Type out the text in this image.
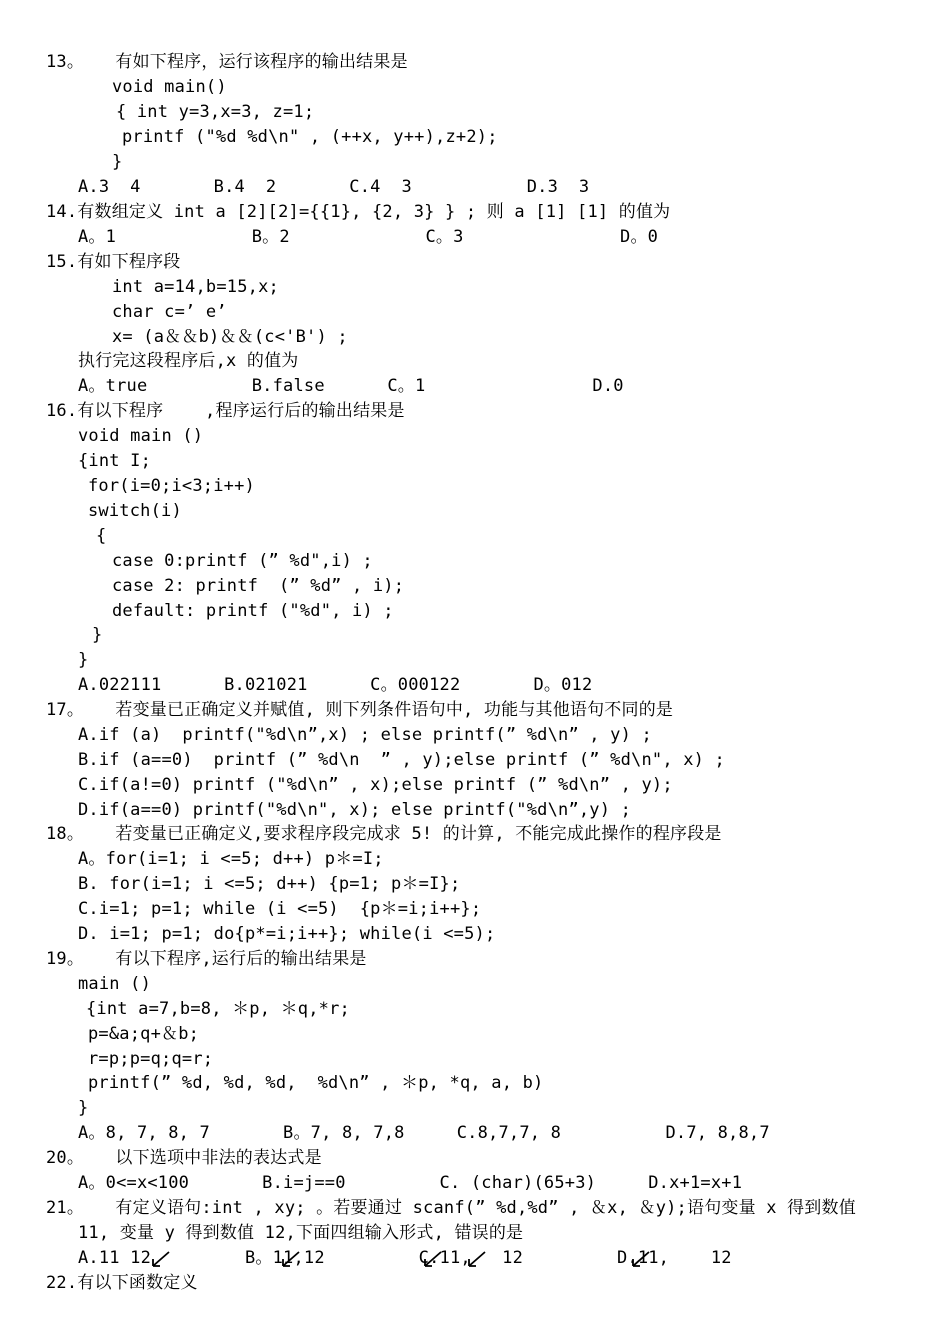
13。   有如下程序，运行该程序的输出结果是
void main()
{ int y=3,x=3, z=1;
printf ("%d %d\n" , (++x, y++),z+2);
}
A.3  4       B.4  2       C.4  3           D.3  3
14.有数组定义 int a [2][2]={{1}, {2, 3} } ; 则 a [1] [1] 的值为
A。1             B。2             C。3               D。0
15.有如下程序段
int a=14,b=15,x;
char c=’ e’
x= (a＆＆b)＆＆(c<'B') ;
执行完这段程序后,x 的值为
A。true          B.false      C。1                D.0
16.有以下程序    ,程序运行后的输出结果是
void main ()
{int I;
for(i=0;i<3;i++)
switch(i)
{
case 0:printf (” %d",i) ;
case 2: printf  (” %d” , i);
default: printf ("%d", i) ;
}
}
A.022111      B.021021      C。000122       D。012
17。   若变量已正确定义并赋值, 则下列条件语句中, 功能与其他语句不同的是
A.if (a)  printf("%d\n”,x) ; else printf(” %d\n” , y) ;
B.if (a==0)  printf (” %d\n  ” , y);else printf (” %d\n", x) ;
C.if(a!=0) printf ("%d\n” , x);else printf (” %d\n” , y);
D.if(a==0) printf("%d\n", x); else printf("%d\n”,y) ;
18。   若变量已正确定义,要求程序段完成求 5! 的计算, 不能完成此操作的程序段是
A。for(i=1; i <=5; d++) p＊=I;
B. for(i=1; i <=5; d++) {p=1; p＊=I};
C.i=1; p=1; while (i <=5)  {p＊=i;i++};
D. i=1; p=1; do{p*=i;i++}; while(i <=5);
19。   有以下程序,运行后的输出结果是
main ()
{int a=7,b=8, ＊p, ＊q,*r;
p=&a;q+＆b;
r=p;p=q;q=r;
printf(” %d, %d, %d,  %d\n” , ＊p, *q, a, b)
}
A。8, 7, 8, 7       B。7, 8, 7,8     C.8,7,7, 8          D.7, 8,8,7
20。   以下选项中非法的表达式是
A。0<=x<100       B.i=j==0         C. (char)(65+3)     D.x+1=x+1
21。   有定义语句:int , xy; 。若要通过 scanf(” %d,%d” , ＆x, ＆y);语句变量 x 得到数值
11, 变量 y 得到数值 12,下面四组输入形式, 错误的是
A.11 12         B。11,12         C.11,   12         D.11,    12
22.有以下函数定义
